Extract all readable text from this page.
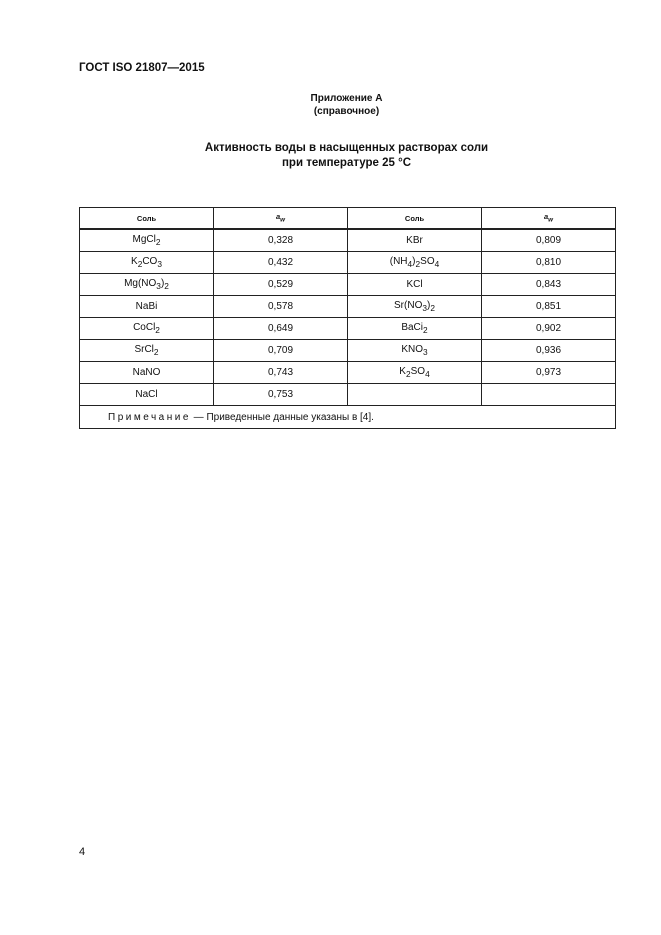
ГОСТ ISO 21807—2015
Приложение А
(справочное)
Активность воды в насыщенных растворах соли
при температуре 25 °С
Соль	$a_w$	Соль	$a_w$
MgCl$_2$	0,328	KBr	0,809
$K_2CO_3$	0,432	$(NH_4)_2SO_4$	0,810
$Mg(NO_3)_2$	0,529	KCl	0,843
NaBi	0,578	$Sr(NO_3)_2$	0,851
CoCl$_2$	0,649	BaCi$_2$	0,902
SrCl$_2$	0,709	$KNO_3$	0,936
NaNO	0,743	$K_2SO_4$	0,973
NaCl	0,753		
Примечание — Приведенные данные указаны в [4].			
4
